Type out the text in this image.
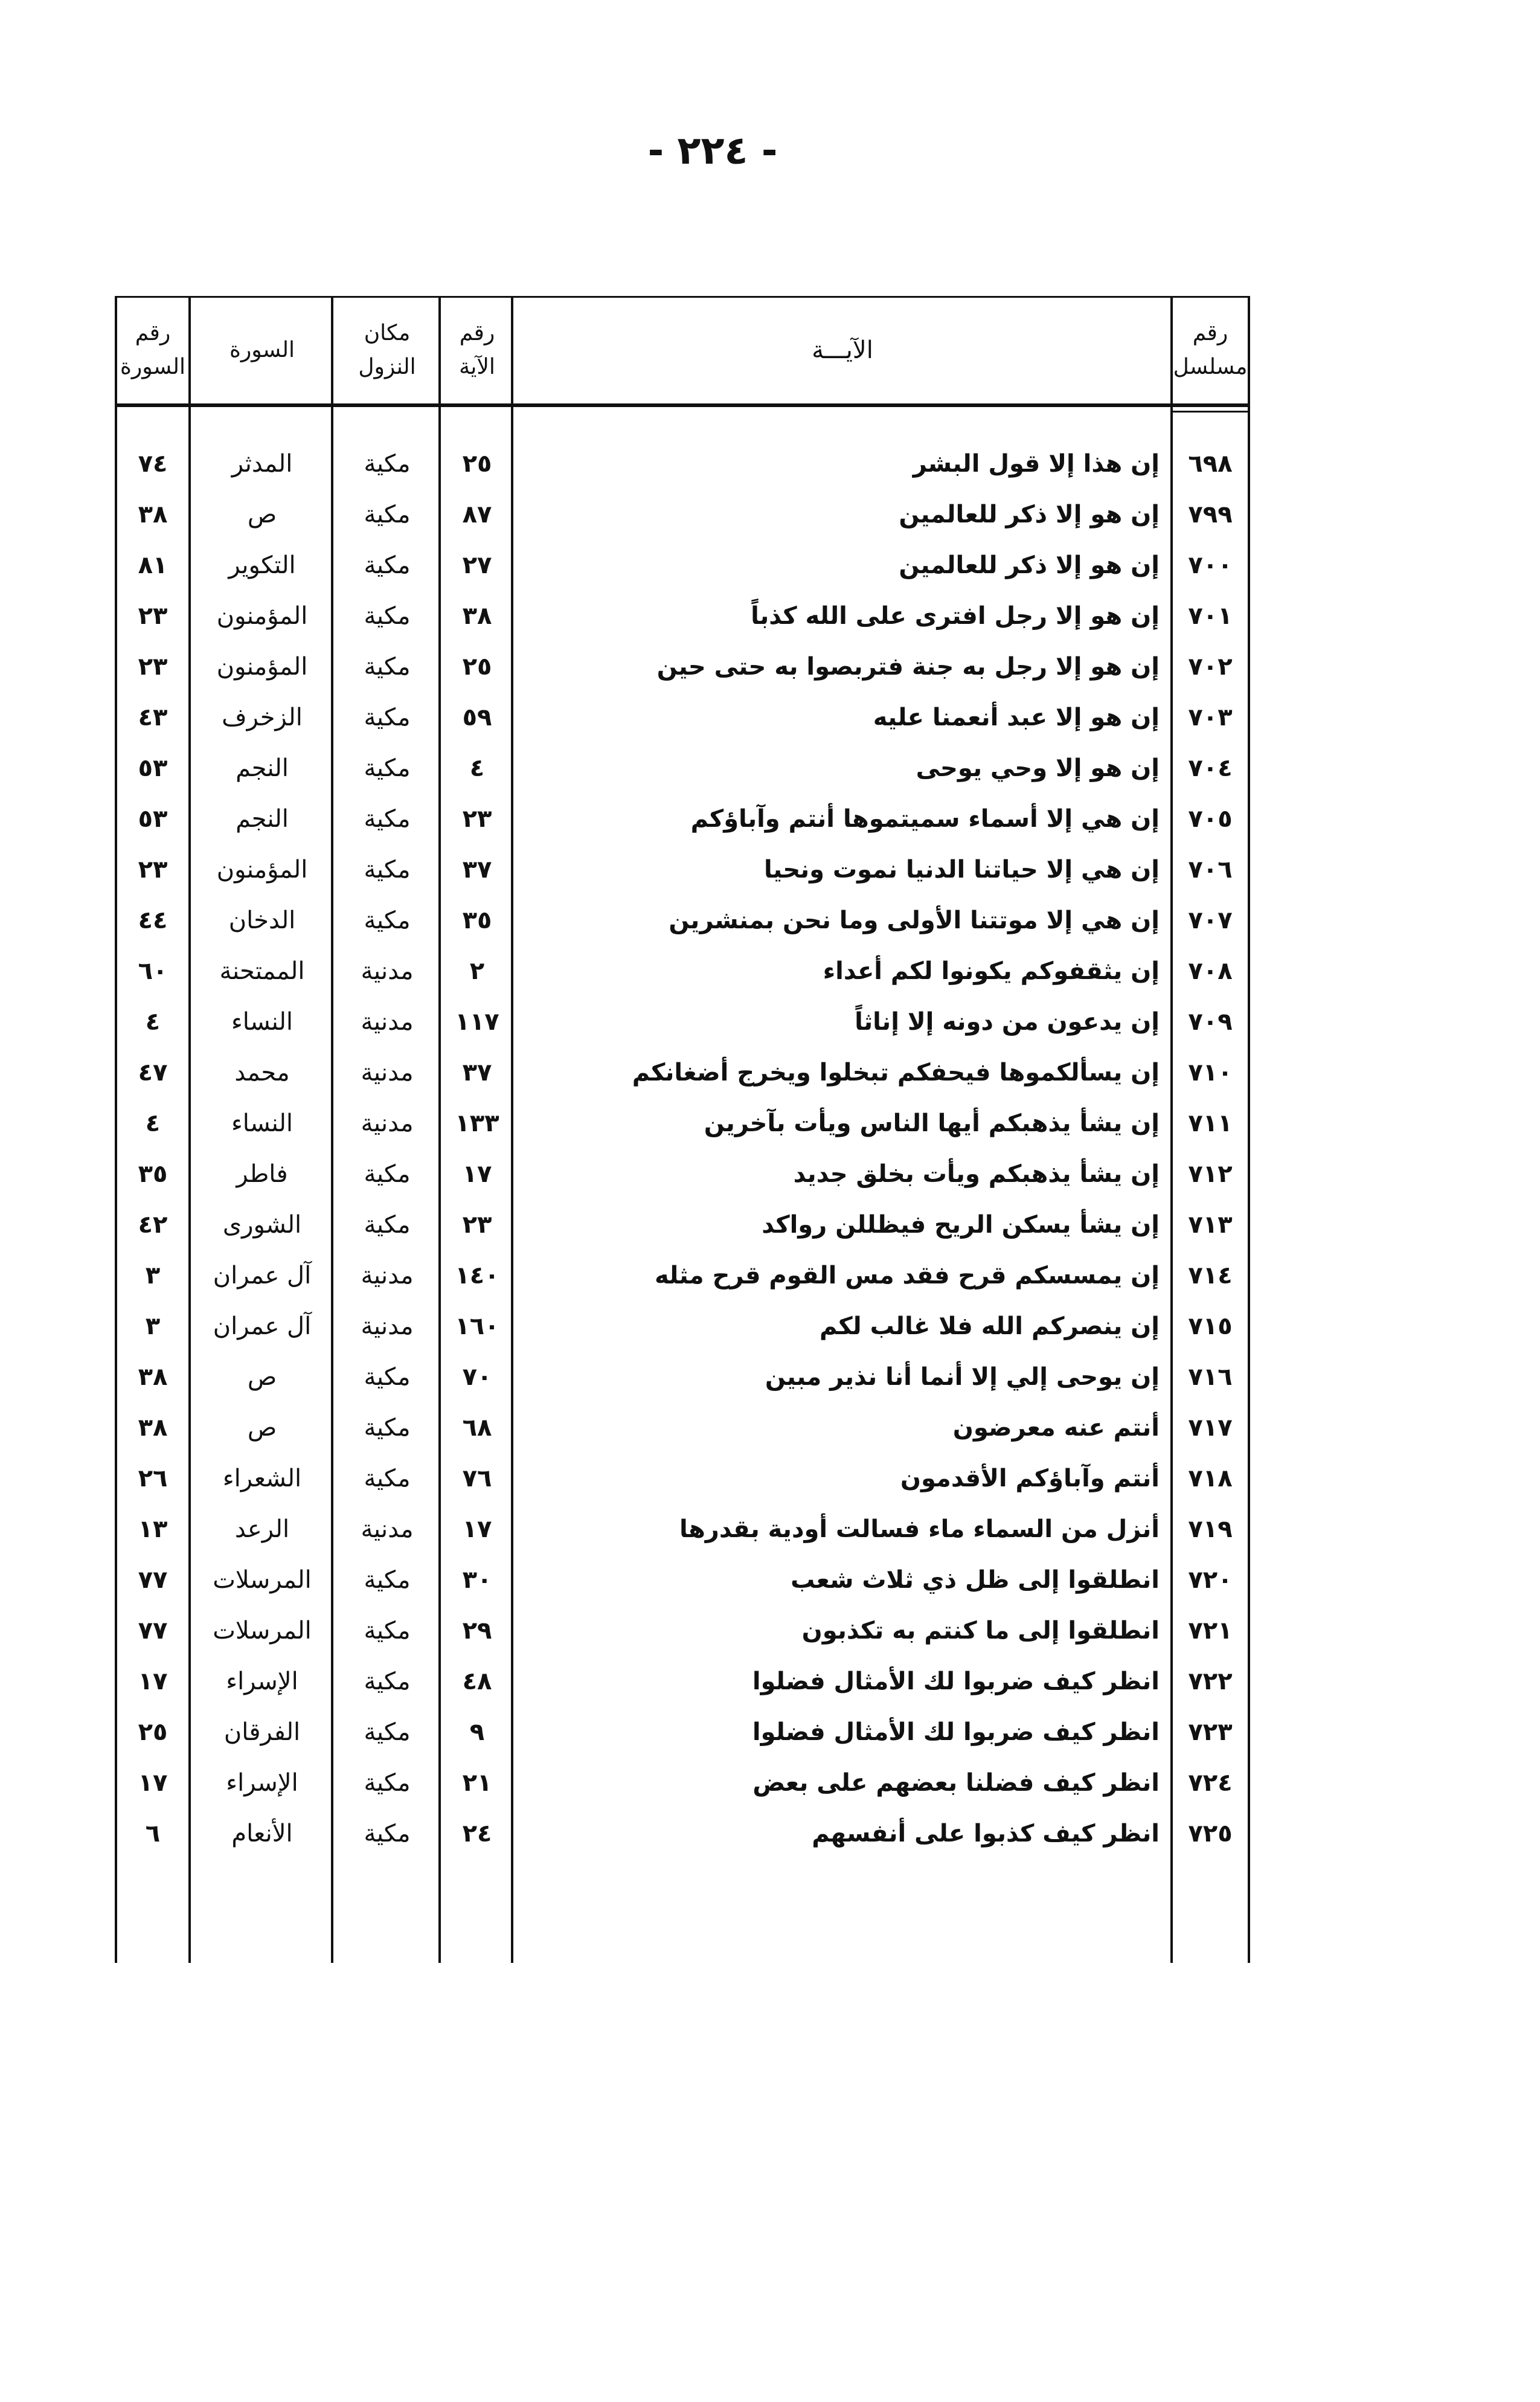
- ٢٢٤ -
رقم
مسلسل
الآيـــة
رقم
الآية
مكان
النزول
السورة
رقم
السورة
٦٩٨
إن هذا إلا قول البشر
٢٥
مكية
المدثر
٧٤
٧٩٩
إن هو إلا ذكر للعالمين
٨٧
مكية
ص
٣٨
٧٠٠
إن هو إلا ذكر للعالمين
٢٧
مكية
التكوير
٨١
٧٠١
إن هو إلا رجل افترى على الله كذباً
٣٨
مكية
المؤمنون
٢٣
٧٠٢
إن هو إلا رجل به جنة فتربصوا به حتى حين
٢٥
مكية
المؤمنون
٢٣
٧٠٣
إن هو إلا عبد أنعمنا عليه
٥٩
مكية
الزخرف
٤٣
٧٠٤
إن هو إلا وحي يوحى
٤
مكية
النجم
٥٣
٧٠٥
إن هي إلا أسماء سميتموها أنتم وآباؤكم
٢٣
مكية
النجم
٥٣
٧٠٦
إن هي إلا حياتنا الدنيا نموت ونحيا
٣٧
مكية
المؤمنون
٢٣
٧٠٧
إن هي إلا موتتنا الأولى وما نحن بمنشرين
٣٥
مكية
الدخان
٤٤
٧٠٨
إن يثقفوكم يكونوا لكم أعداء
٢
مدنية
الممتحنة
٦٠
٧٠٩
إن يدعون من دونه إلا إناثاً
١١٧
مدنية
النساء
٤
٧١٠
إن يسألكموها فيحفكم تبخلوا ويخرج أضغانكم
٣٧
مدنية
محمد
٤٧
٧١١
إن يشأ يذهبكم أيها الناس ويأت بآخرين
١٣٣
مدنية
النساء
٤
٧١٢
إن يشأ يذهبكم ويأت بخلق جديد
١٧
مكية
فاطر
٣٥
٧١٣
إن يشأ يسكن الريح فيظللن رواكد
٢٣
مكية
الشورى
٤٢
٧١٤
إن يمسسكم قرح فقد مس القوم قرح مثله
١٤٠
مدنية
آل عمران
٣
٧١٥
إن ينصركم الله فلا غالب لكم
١٦٠
مدنية
آل عمران
٣
٧١٦
إن يوحى إلي إلا أنما أنا نذير مبين
٧٠
مكية
ص
٣٨
٧١٧
أنتم عنه معرضون
٦٨
مكية
ص
٣٨
٧١٨
أنتم وآباؤكم الأقدمون
٧٦
مكية
الشعراء
٢٦
٧١٩
أنزل من السماء ماء فسالت أودية بقدرها
١٧
مدنية
الرعد
١٣
٧٢٠
انطلقوا إلى ظل ذي ثلاث شعب
٣٠
مكية
المرسلات
٧٧
٧٢١
انطلقوا إلى ما كنتم به تكذبون
٢٩
مكية
المرسلات
٧٧
٧٢٢
انظر كيف ضربوا لك الأمثال فضلوا
٤٨
مكية
الإسراء
١٧
٧٢٣
انظر كيف ضربوا لك الأمثال فضلوا
٩
مكية
الفرقان
٢٥
٧٢٤
انظر كيف فضلنا بعضهم على بعض
٢١
مكية
الإسراء
١٧
٧٢٥
انظر كيف كذبوا على أنفسهم
٢٤
مكية
الأنعام
٦
